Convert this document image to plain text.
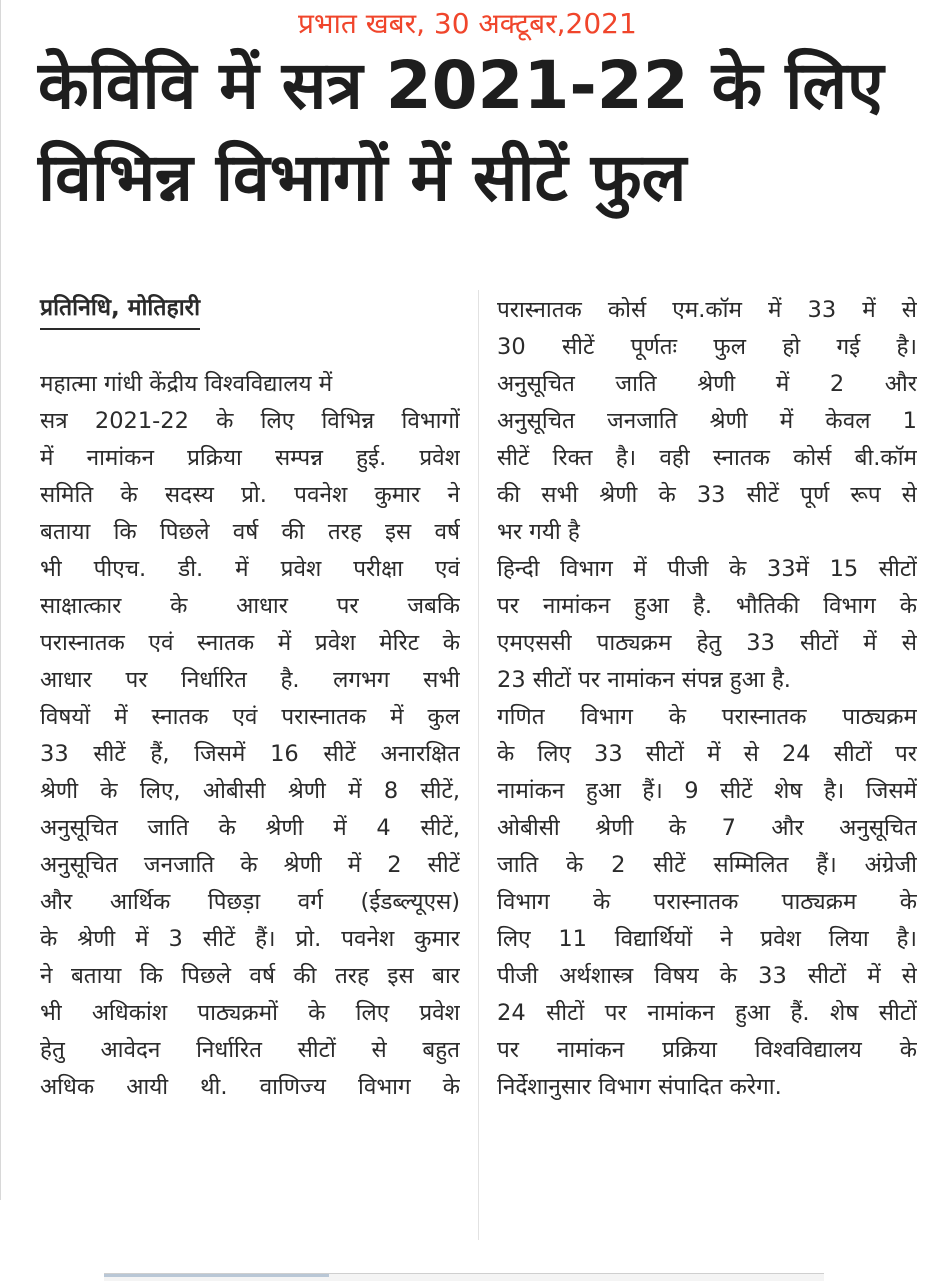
प्रभात खबर, 30 अक्टूबर,2021
केविवि में सत्र 2021-22 के लिए
विभिन्न विभागों में सीटें फुल
प्रतिनिधि, मोतिहारी
महात्मा गांधी केंद्रीय विश्वविद्यालय में
सत्र 2021-22 के लिए विभिन्न विभागों
में नामांकन प्रक्रिया सम्पन्न हुई. प्रवेश
समिति के सदस्य प्रो. पवनेश कुमार ने
बताया कि पिछले वर्ष की तरह इस वर्ष
भी पीएच. डी. में प्रवेश परीक्षा एवं
साक्षात्कार के आधार पर जबकि
परास्नातक एवं स्नातक में प्रवेश मेरिट के
आधार पर निर्धारित है. लगभग सभी
विषयों में स्नातक एवं परास्नातक में कुल
33 सीटें हैं, जिसमें 16 सीटें अनारक्षित
श्रेणी के लिए, ओबीसी श्रेणी में 8 सीटें,
अनुसूचित जाति के श्रेणी में 4 सीटें,
अनुसूचित जनजाति के श्रेणी में 2 सीटें
और आर्थिक पिछड़ा वर्ग (ईडब्ल्यूएस)
के श्रेणी में 3 सीटें हैं। प्रो. पवनेश कुमार
ने बताया कि पिछले वर्ष की तरह इस बार
भी अधिकांश पाठ्यक्रमों के लिए प्रवेश
हेतु आवेदन निर्धारित सीटों से बहुत
अधिक आयी थी. वाणिज्य विभाग के
परास्नातक कोर्स एम.कॉम में 33 में से
30 सीटें पूर्णतः फुल हो गई है।
अनुसूचित जाति श्रेणी में 2 और
अनुसूचित जनजाति श्रेणी में केवल 1
सीटें रिक्त है। वही स्नातक कोर्स बी.कॉम
की सभी श्रेणी के 33 सीटें पूर्ण रूप से
भर गयी है
हिन्दी विभाग में पीजी के 33में 15 सीटों
पर नामांकन हुआ है. भौतिकी विभाग के
एमएससी पाठ्यक्रम हेतु 33 सीटों में से
23 सीटों पर नामांकन संपन्न हुआ है.
गणित विभाग के परास्नातक पाठ्यक्रम
के लिए 33 सीटों में से 24 सीटों पर
नामांकन हुआ हैं। 9 सीटें शेष है। जिसमें
ओबीसी श्रेणी के 7 और अनुसूचित
जाति के 2 सीटें सम्मिलित हैं। अंग्रेजी
विभाग के परास्नातक पाठ्यक्रम के
लिए 11 विद्यार्थियों ने प्रवेश लिया है।
पीजी अर्थशास्त्र विषय के 33 सीटों में से
24 सीटों पर नामांकन हुआ हैं. शेष सीटों
पर नामांकन प्रक्रिया विश्वविद्यालय के
निर्देशानुसार विभाग संपादित करेगा.
